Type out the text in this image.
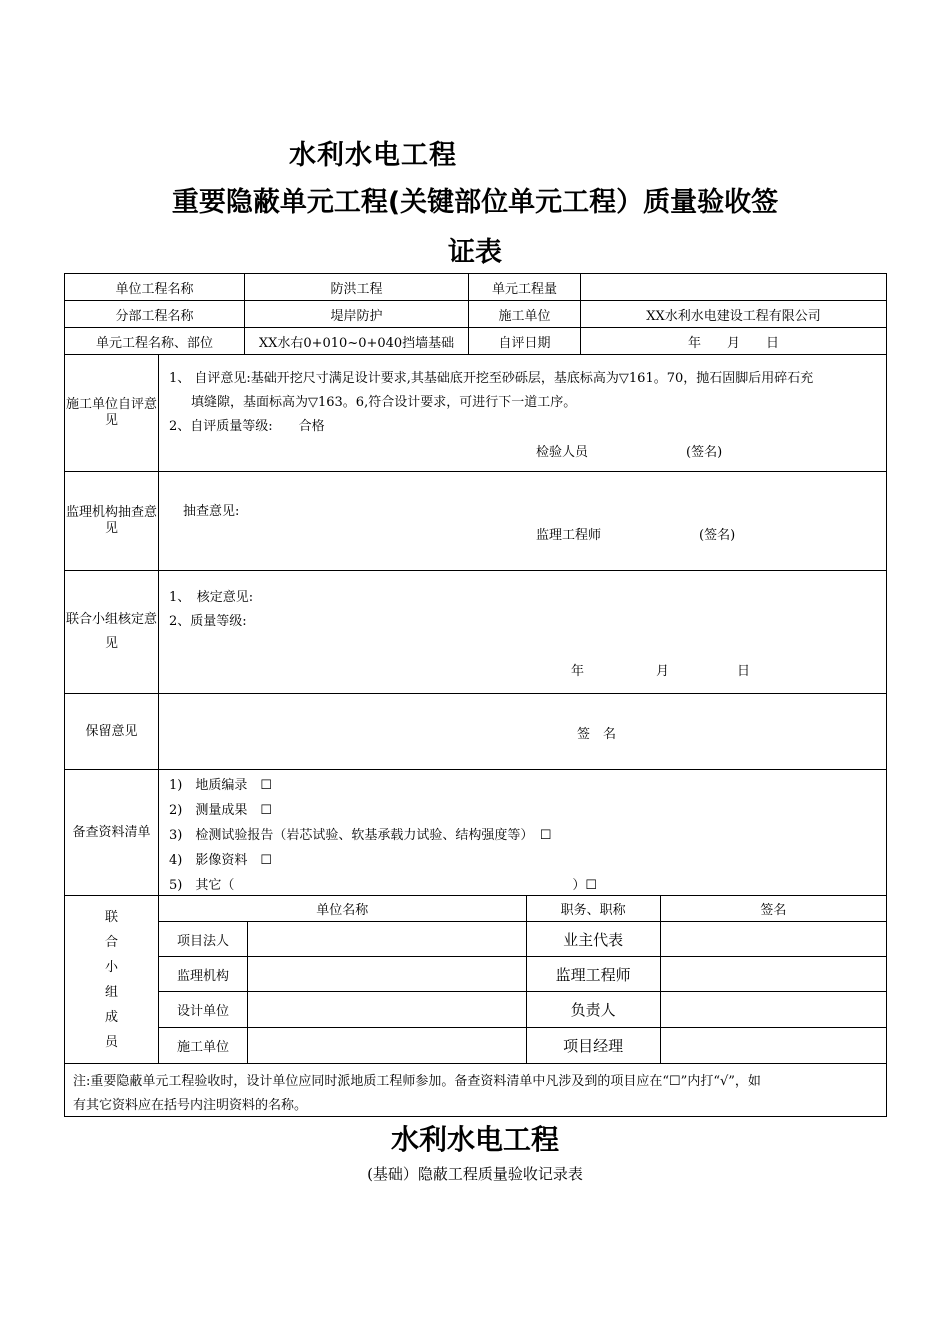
水利水电工程
重要隐蔽单元工程(关键部位单元工程）质量验收签
证表
单位工程名称	防洪工程	单元工程量	
分部工程名称	堤岸防护	施工单位	XX水利水电建设工程有限公司
单元工程名称、部位	XX水右0+010~0+040挡墙基础	自评日期	年　　月　　日
施工单位自评意见	
1、 自评意见:基础开挖尺寸满足设计要求,其基础底开挖至砂砾层，基底标高为▽161。70，抛石固脚后用碎石充
填缝隙，基面标高为▽163。6,符合设计要求，可进行下一道工序。
2、自评质量等级:　　合格
检验人员	(签名)

监理机构抽查意见	
抽查意见:
监理工程师	(签名)

联合小组核定意见	
1、　核定意见:
2、质量等级:
年	月	日

保留意见	签　名

备查资料清单	
1)　地质编录　☐
2)　测量成果　☐
3)　检测试验报告（岩芯试验、软基承载力试验、结构强度等）　☐
4)　影像资料　☐
5)　其它（　　　　　　　　　　　　　　　　　　　　　　　　　　）☐

联
合
小
组
成
员

单位名称	职务、职称	签名
项目法人		业主代表	
监理机构		监理工程师	
设计单位		负责人	
施工单位		项目经理	

注:重要隐蔽单元工程验收时，设计单位应同时派地质工程师参加。备查资料清单中凡涉及到的项目应在“☐”内打“√”，如
有其它资料应在括号内注明资料的名称。
水利水电工程
(基础）隐蔽工程质量验收记录表
